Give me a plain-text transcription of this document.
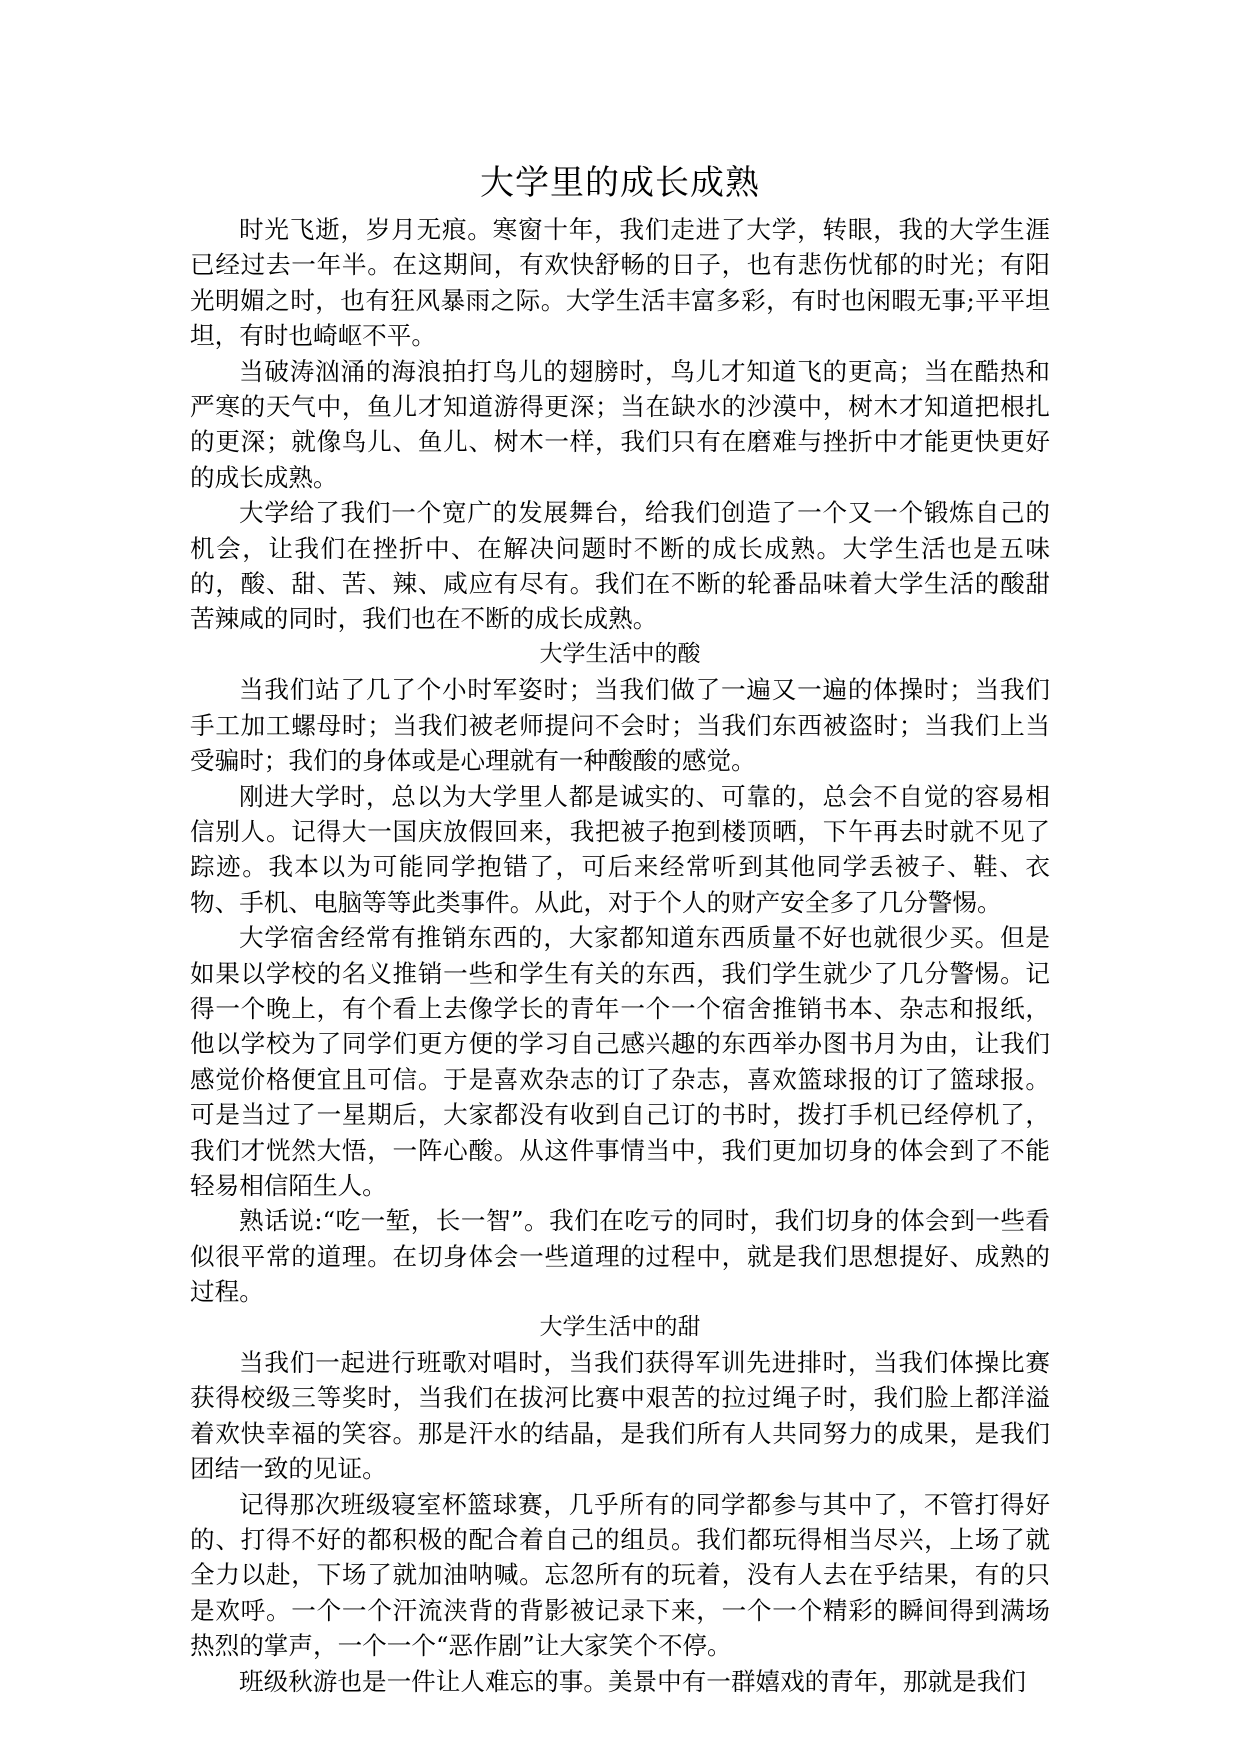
大学里的成长成熟

时光飞逝，岁月无痕。寒窗十年，我们走进了大学，转眼，我的大学生涯已经过去一年半。在这期间，有欢快舒畅的日子，也有悲伤忧郁的时光；有阳光明媚之时，也有狂风暴雨之际。大学生活丰富多彩，有时也闲暇无事;平平坦坦，有时也崎岖不平。

当破涛汹涌的海浪拍打鸟儿的翅膀时，鸟儿才知道飞的更高；当在酷热和严寒的天气中，鱼儿才知道游得更深；当在缺水的沙漠中，树木才知道把根扎的更深；就像鸟儿、鱼儿、树木一样，我们只有在磨难与挫折中才能更快更好的成长成熟。

大学给了我们一个宽广的发展舞台，给我们创造了一个又一个锻炼自己的机会，让我们在挫折中、在解决问题时不断的成长成熟。大学生活也是五味的，酸、甜、苦、辣、咸应有尽有。我们在不断的轮番品味着大学生活的酸甜苦辣咸的同时，我们也在不断的成长成熟。

大学生活中的酸

当我们站了几了个小时军姿时；当我们做了一遍又一遍的体操时；当我们手工加工螺母时；当我们被老师提问不会时；当我们东西被盗时；当我们上当受骗时；我们的身体或是心理就有一种酸酸的感觉。

刚进大学时，总以为大学里人都是诚实的、可靠的，总会不自觉的容易相信别人。记得大一国庆放假回来，我把被子抱到楼顶晒，下午再去时就不见了踪迹。我本以为可能同学抱错了，可后来经常听到其他同学丢被子、鞋、衣物、手机、电脑等等此类事件。从此，对于个人的财产安全多了几分警惕。

大学宿舍经常有推销东西的，大家都知道东西质量不好也就很少买。但是如果以学校的名义推销一些和学生有关的东西，我们学生就少了几分警惕。记得一个晚上，有个看上去像学长的青年一个一个宿舍推销书本、杂志和报纸，他以学校为了同学们更方便的学习自己感兴趣的东西举办图书月为由，让我们感觉价格便宜且可信。于是喜欢杂志的订了杂志，喜欢篮球报的订了篮球报。可是当过了一星期后，大家都没有收到自己订的书时，拨打手机已经停机了，我们才恍然大悟，一阵心酸。从这件事情当中，我们更加切身的体会到了不能轻易相信陌生人。

熟话说:“吃一堑，长一智”。我们在吃亏的同时，我们切身的体会到一些看似很平常的道理。在切身体会一些道理的过程中，就是我们思想提好、成熟的过程。

大学生活中的甜

当我们一起进行班歌对唱时，当我们获得军训先进排时，当我们体操比赛获得校级三等奖时，当我们在拔河比赛中艰苦的拉过绳子时，我们脸上都洋溢着欢快幸福的笑容。那是汗水的结晶，是我们所有人共同努力的成果，是我们团结一致的见证。

记得那次班级寝室杯篮球赛，几乎所有的同学都参与其中了，不管打得好的、打得不好的都积极的配合着自己的组员。我们都玩得相当尽兴，上场了就全力以赴，下场了就加油呐喊。忘忽所有的玩着，没有人去在乎结果，有的只是欢呼。一个一个汗流浃背的背影被记录下来，一个一个精彩的瞬间得到满场热烈的掌声，一个一个“恶作剧”让大家笑个不停。

班级秋游也是一件让人难忘的事。美景中有一群嬉戏的青年，那就是我们
